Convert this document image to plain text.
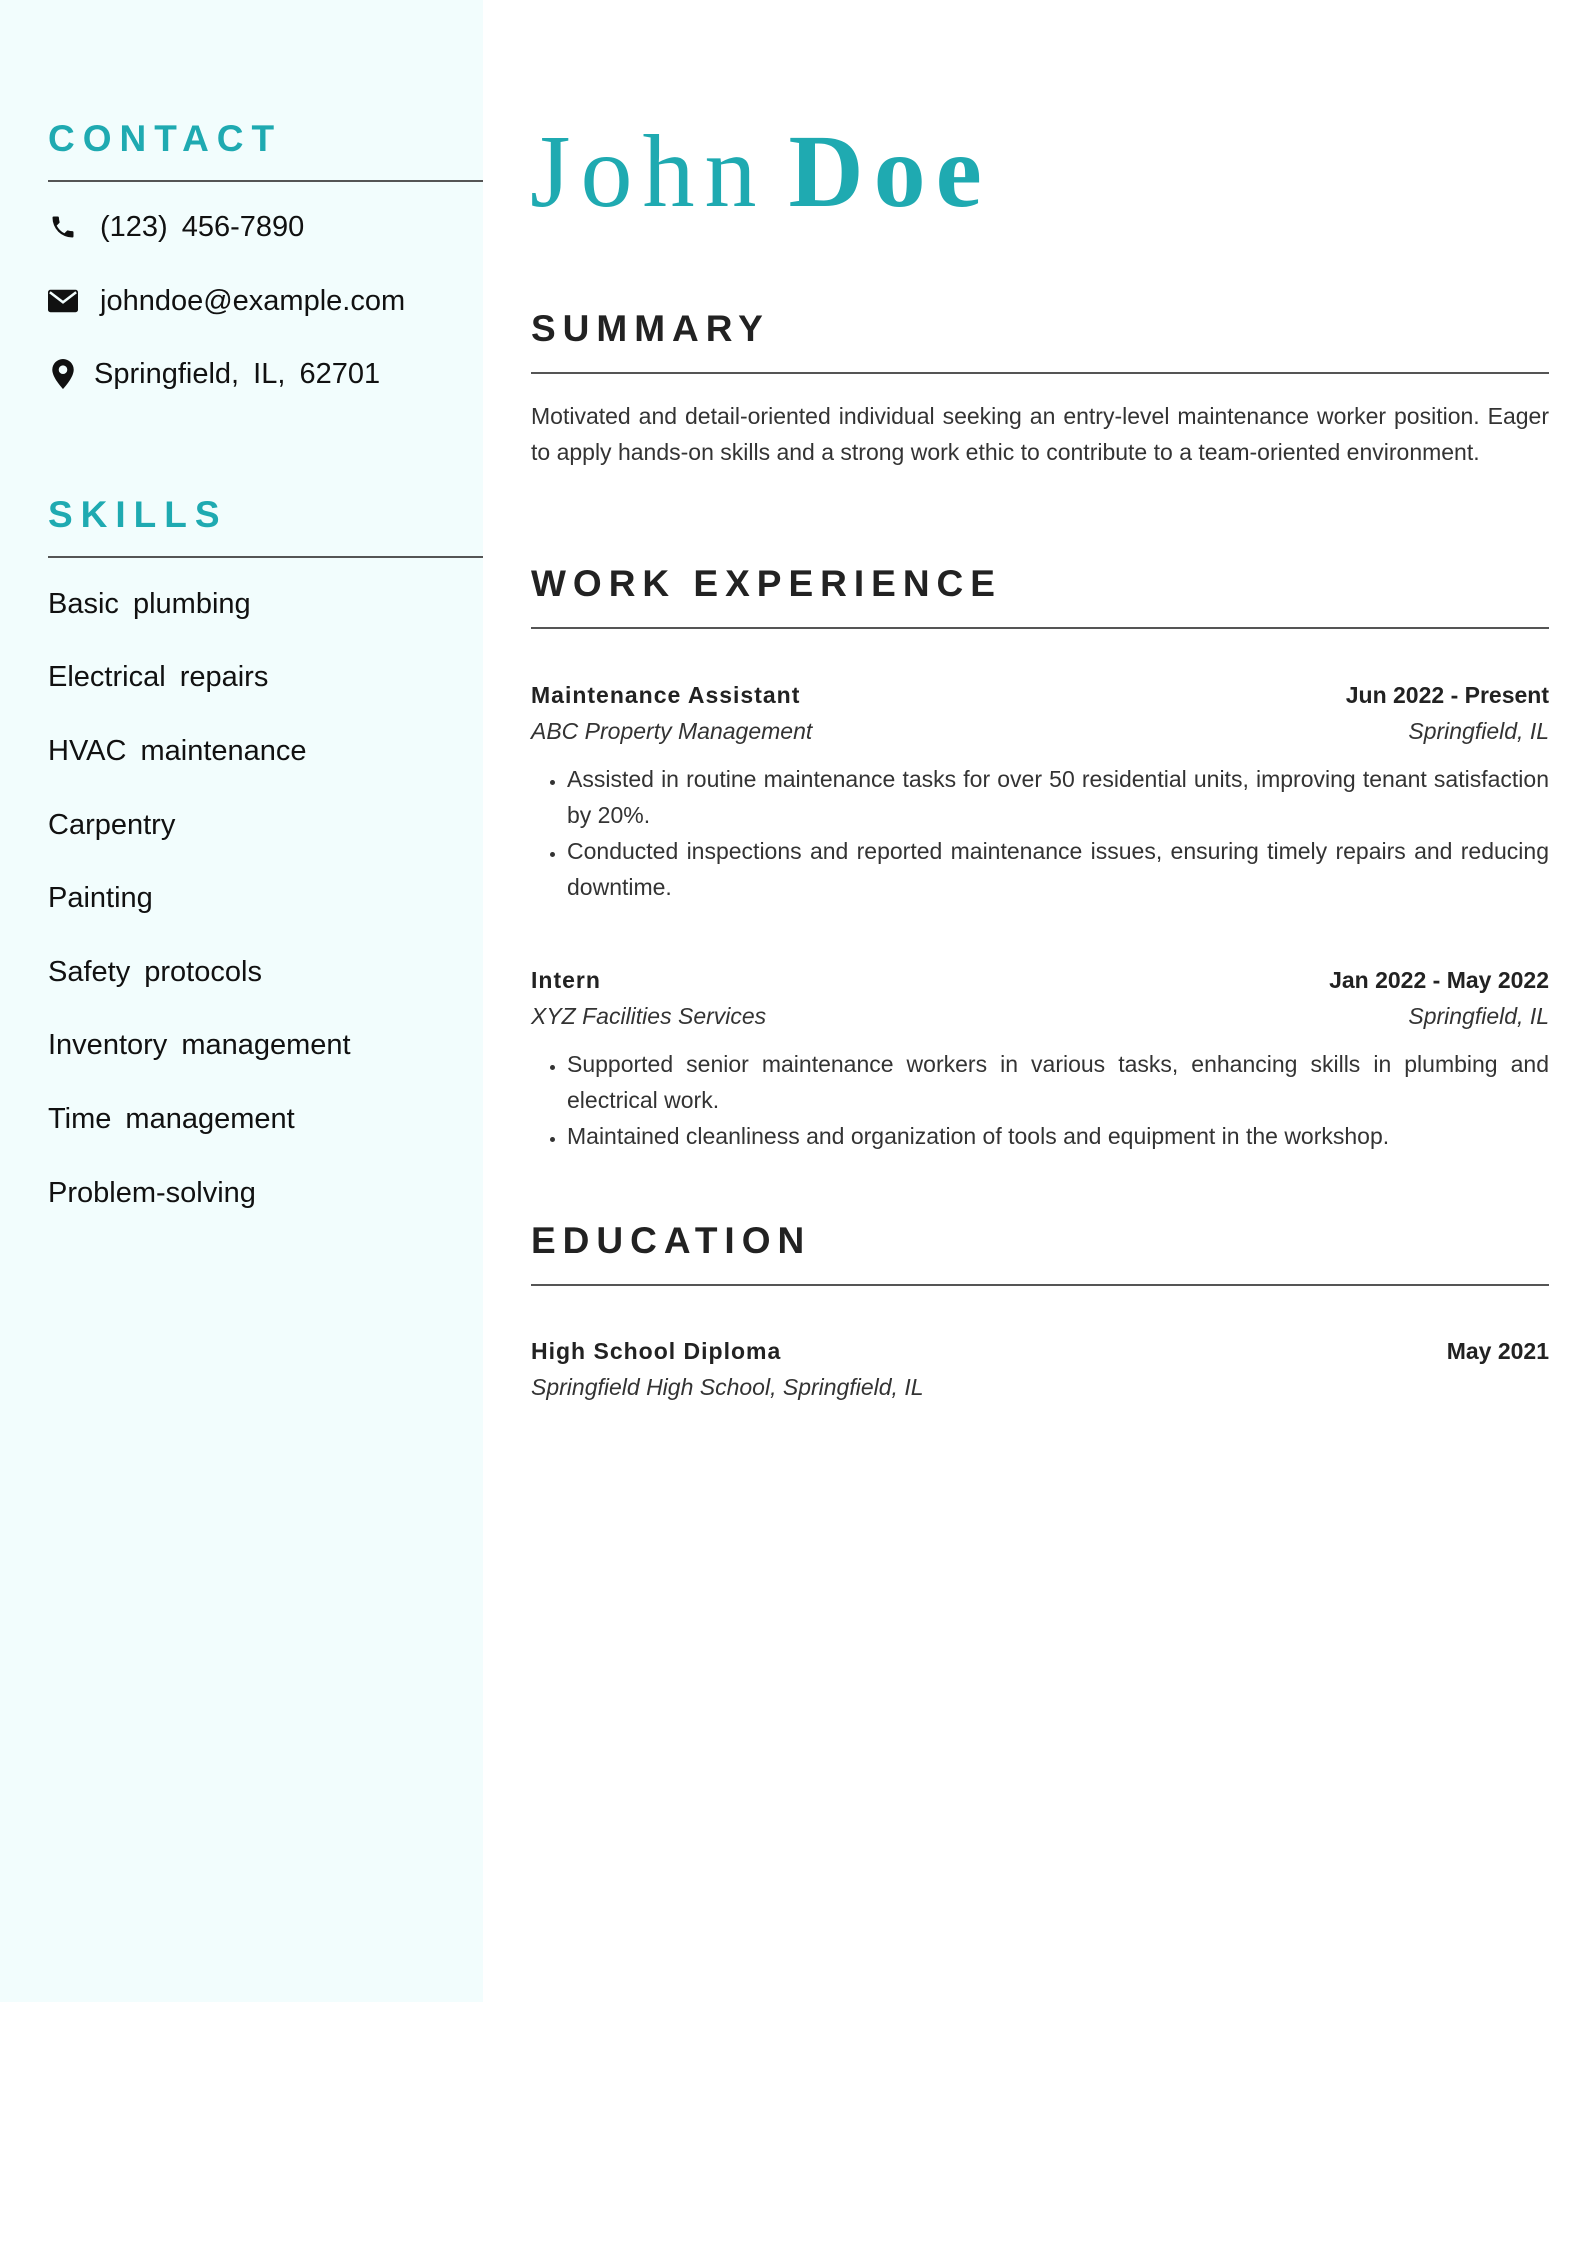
CONTACT
(123) 456-7890
johndoe@example.com
Springfield, IL, 62701
SKILLS

Basic plumbing

Electrical repairs

HVAC maintenance

Carpentry

Painting

Safety protocols

Inventory management

Time management

Problem-solving

John Doe
SUMMARY

Motivated and detail-oriented individual seeking an entry-level maintenance worker position. Eager to apply hands-on skills and a strong work ethic to contribute to a team-oriented environment.

WORK EXPERIENCE
Maintenance Assistant	Jun 2022 - Present
ABC Property Management	Springfield, IL
• Assisted in routine maintenance tasks for over 50 residential units, improving tenant satisfaction by 20%.
• Conducted inspections and reported maintenance issues, ensuring timely repairs and reducing downtime.
Intern	Jan 2022 - May 2022
XYZ Facilities Services	Springfield, IL
• Supported senior maintenance workers in various tasks, enhancing skills in plumbing and electrical work.
• Maintained cleanliness and organization of tools and equipment in the workshop.
EDUCATION
High School Diploma	May 2021
Springfield High School, Springfield, IL
